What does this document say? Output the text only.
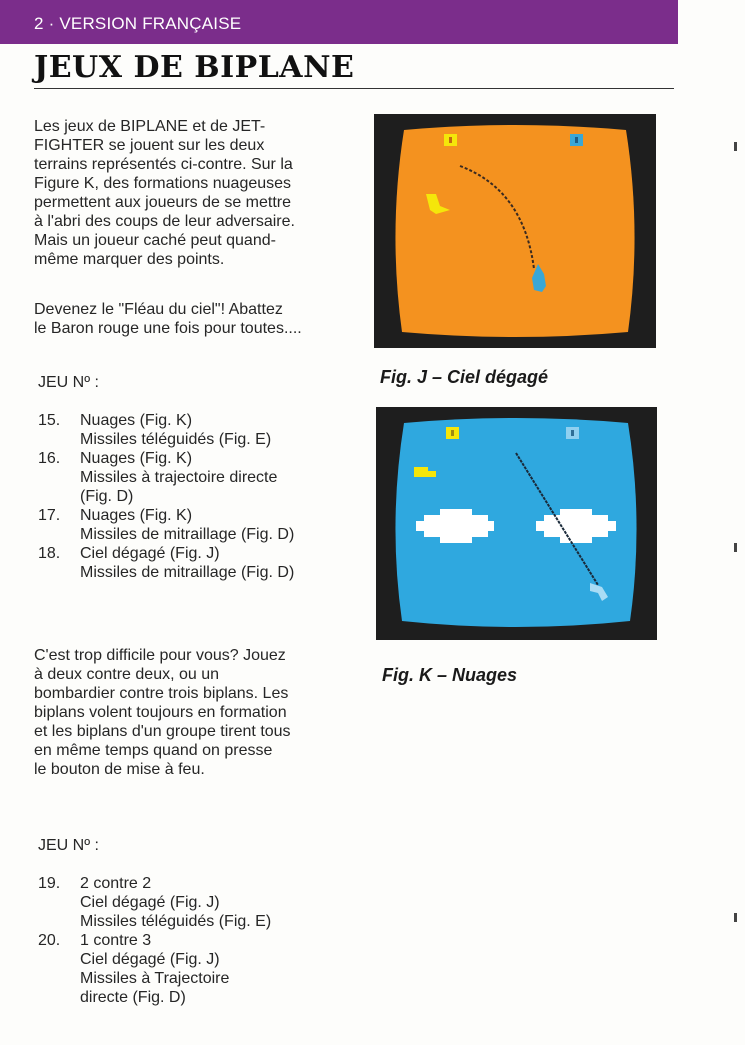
2 · VERSION FRANÇAISE
JEUX DE BIPLANE

Les jeux de BIPLANE et de JET-
FIGHTER se jouent sur les deux
terrains représentés ci-contre. Sur la
Figure K, des formations nuageuses
permettent aux joueurs de se mettre
à l'abri des coups de leur adversaire.
Mais un joueur caché peut quand-
même marquer des points.

Devenez le "Fléau du ciel"! Abattez
le Baron rouge une fois pour toutes....

JEU Nº :

15. Nuages (Fig. K)
Missiles téléguidés (Fig. E)
16. Nuages (Fig. K)
Missiles à trajectoire directe
(Fig. D)
17. Nuages (Fig. K)
Missiles de mitraillage (Fig. D)
18. Ciel dégagé (Fig. J)
Missiles de mitraillage (Fig. D)

C'est trop difficile pour vous? Jouez
à deux contre deux, ou un
bombardier contre trois biplans. Les
biplans volent toujours en formation
et les biplans d'un groupe tirent tous
en même temps quand on presse
le bouton de mise à feu.

JEU Nº :

19. 2 contre 2
Ciel dégagé (Fig. J)
Missiles téléguidés (Fig. E)
20. 1 contre 3
Ciel dégagé (Fig. J)
Missiles à Trajectoire
directe (Fig. D)

Fig. J – Ciel dégagé

Fig. K – Nuages
